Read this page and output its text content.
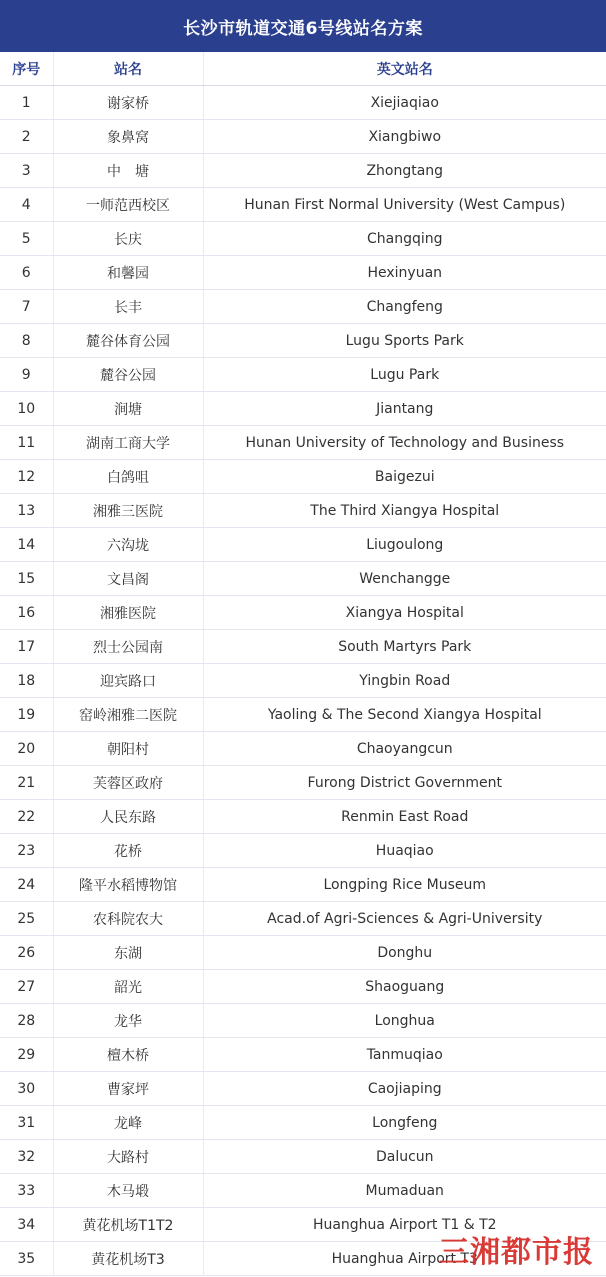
长沙市轨道交通6号线站名方案
序号	站名	英文站名
1	谢家桥	Xiejiaqiao
2	象鼻窝	Xiangbiwo
3	中　塘	Zhongtang
4	一师范西校区	Hunan First Normal University (West Campus)
5	长庆	Changqing
6	和馨园	Hexinyuan
7	长丰	Changfeng
8	麓谷体育公园	Lugu Sports Park
9	麓谷公园	Lugu Park
10	涧塘	Jiantang
11	湖南工商大学	Hunan University of Technology and Business
12	白鸽咀	Baigezui
13	湘雅三医院	The Third Xiangya Hospital
14	六沟垅	Liugoulong
15	文昌阁	Wenchangge
16	湘雅医院	Xiangya Hospital
17	烈士公园南	South Martyrs Park
18	迎宾路口	Yingbin Road
19	窑岭湘雅二医院	Yaoling & The Second Xiangya Hospital
20	朝阳村	Chaoyangcun
21	芙蓉区政府	Furong District Government
22	人民东路	Renmin East Road
23	花桥	Huaqiao
24	隆平水稻博物馆	Longping Rice Museum
25	农科院农大	Acad.of Agri-Sciences & Agri-University
26	东湖	Donghu
27	韶光	Shaoguang
28	龙华	Longhua
29	檀木桥	Tanmuqiao
30	曹家坪	Caojiaping
31	龙峰	Longfeng
32	大路村	Dalucun
33	木马塅	Mumaduan
34	黄花机场T1T2	Huanghua Airport T1 & T2
35	黄花机场T3	Huanghua Airport T3
三湘都市报
